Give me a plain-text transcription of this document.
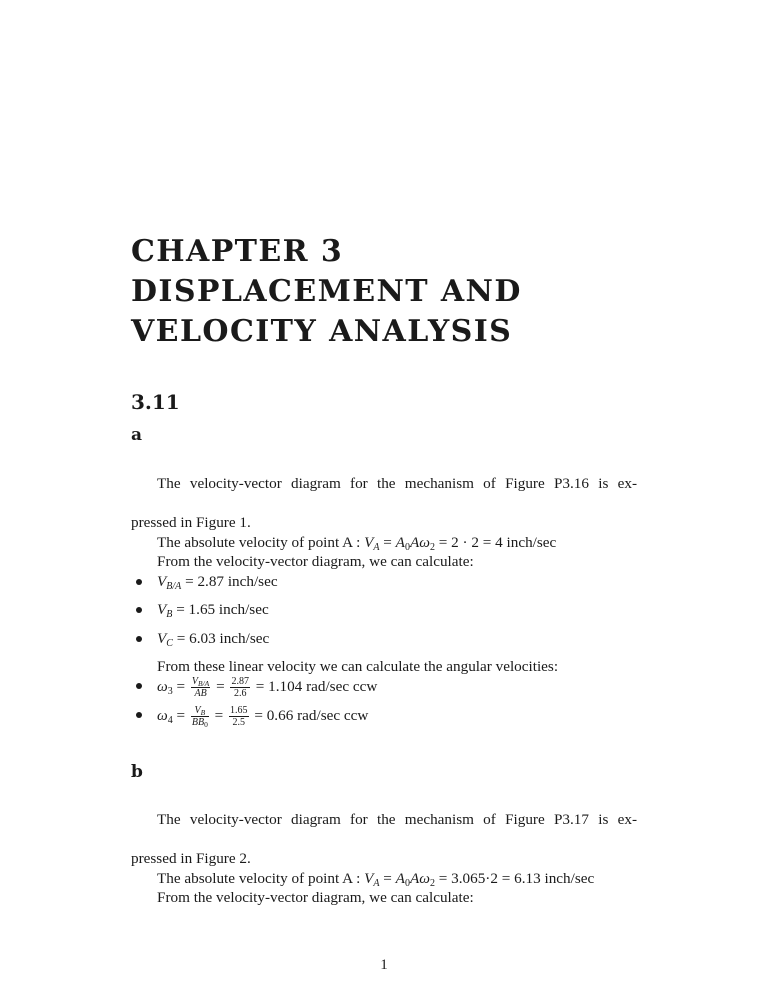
CHAPTER 3
DISPLACEMENT AND
VELOCITY ANALYSIS
3.11
a

The velocity-vector diagram for the mechanism of Figure P3.16 is ex-

pressed in Figure 1.

The absolute velocity of point A : $V_A = A_0A\omega_2 = 2 \cdot 2 = 4$ inch/sec

From the velocity-vector diagram, we can calculate:

$V_{B/A} = 2.87$ inch/sec
$V_B = 1.65$ inch/sec
$V_C = 6.03$ inch/sec

From these linear velocity we can calculate the angular velocities:

$\omega_3 = \frac{V_{B/A}}{AB} = \frac{2.87}{2.6} = 1.104$ rad/sec ccw
$\omega_4 = \frac{V_B}{BB_0} = \frac{1.65}{2.5} = 0.66$ rad/sec ccw
b

The velocity-vector diagram for the mechanism of Figure P3.17 is ex-

pressed in Figure 2.

The absolute velocity of point A : $V_A = A_0A\omega_2 = 3.065\cdot 2 = 6.13$ inch/sec

From the velocity-vector diagram, we can calculate:

1
